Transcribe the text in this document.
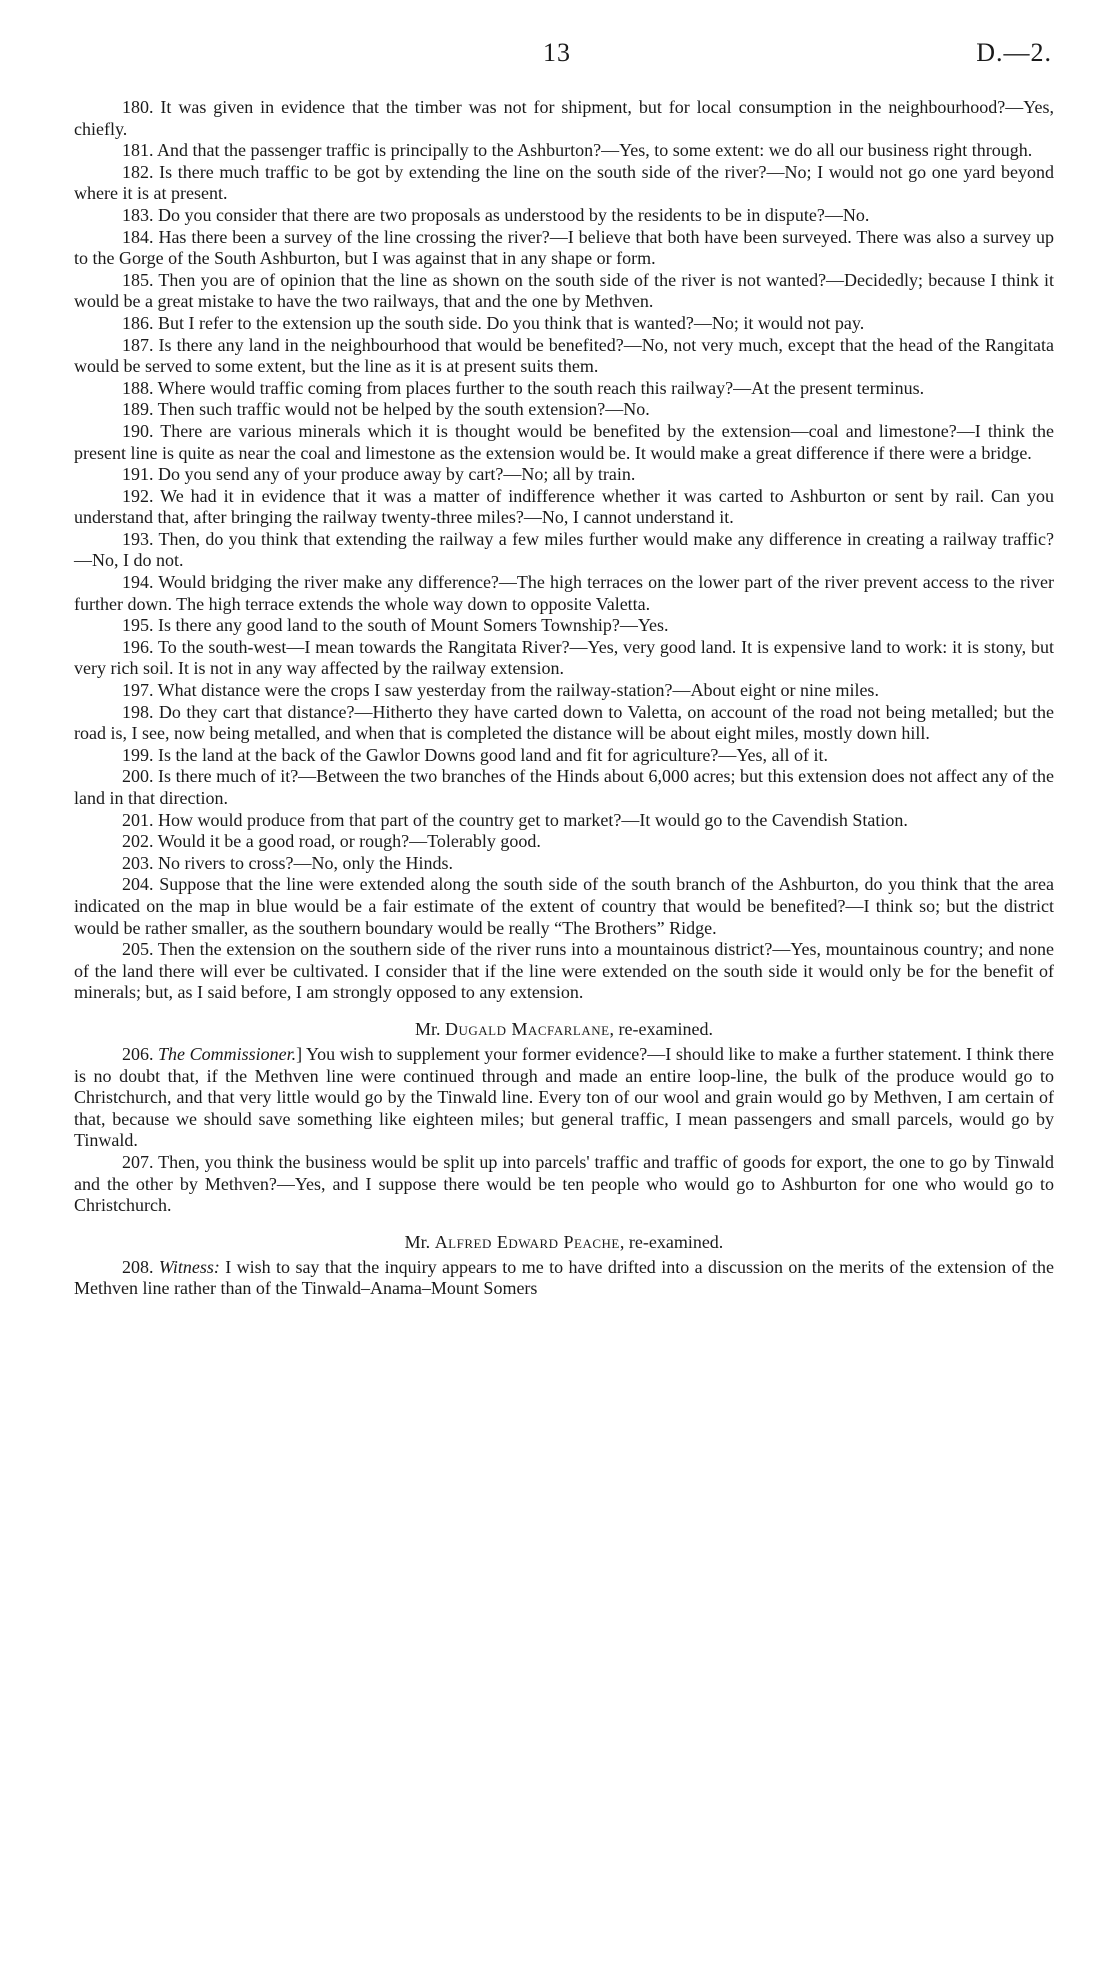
13	D.—2.

180. It was given in evidence that the timber was not for shipment, but for local consumption in the neighbourhood?—Yes, chiefly.

181. And that the passenger traffic is principally to the Ashburton?—Yes, to some extent: we do all our business right through.

182. Is there much traffic to be got by extending the line on the south side of the river?—No; I would not go one yard beyond where it is at present.

183. Do you consider that there are two proposals as understood by the residents to be in dispute?—No.

184. Has there been a survey of the line crossing the river?—I believe that both have been surveyed. There was also a survey up to the Gorge of the South Ashburton, but I was against that in any shape or form.

185. Then you are of opinion that the line as shown on the south side of the river is not wanted?—Decidedly; because I think it would be a great mistake to have the two railways, that and the one by Methven.

186. But I refer to the extension up the south side. Do you think that is wanted?—No; it would not pay.

187. Is there any land in the neighbourhood that would be benefited?—No, not very much, except that the head of the Rangitata would be served to some extent, but the line as it is at present suits them.

188. Where would traffic coming from places further to the south reach this railway?—At the present terminus.

189. Then such traffic would not be helped by the south extension?—No.

190. There are various minerals which it is thought would be benefited by the extension—coal and limestone?—I think the present line is quite as near the coal and limestone as the extension would be. It would make a great difference if there were a bridge.

191. Do you send any of your produce away by cart?—No; all by train.

192. We had it in evidence that it was a matter of indifference whether it was carted to Ashburton or sent by rail. Can you understand that, after bringing the railway twenty-three miles?—No, I cannot understand it.

193. Then, do you think that extending the railway a few miles further would make any difference in creating a railway traffic?—No, I do not.

194. Would bridging the river make any difference?—The high terraces on the lower part of the river prevent access to the river further down. The high terrace extends the whole way down to opposite Valetta.

195. Is there any good land to the south of Mount Somers Township?—Yes.

196. To the south-west—I mean towards the Rangitata River?—Yes, very good land. It is expensive land to work: it is stony, but very rich soil. It is not in any way affected by the railway extension.

197. What distance were the crops I saw yesterday from the railway-station?—About eight or nine miles.

198. Do they cart that distance?—Hitherto they have carted down to Valetta, on account of the road not being metalled; but the road is, I see, now being metalled, and when that is completed the distance will be about eight miles, mostly down hill.

199. Is the land at the back of the Gawlor Downs good land and fit for agriculture?—Yes, all of it.

200. Is there much of it?—Between the two branches of the Hinds about 6,000 acres; but this extension does not affect any of the land in that direction.

201. How would produce from that part of the country get to market?—It would go to the Cavendish Station.

202. Would it be a good road, or rough?—Tolerably good.

203. No rivers to cross?—No, only the Hinds.

204. Suppose that the line were extended along the south side of the south branch of the Ashburton, do you think that the area indicated on the map in blue would be a fair estimate of the extent of country that would be benefited?—I think so; but the district would be rather smaller, as the southern boundary would be really “The Brothers” Ridge.

205. Then the extension on the southern side of the river runs into a mountainous district?—Yes, mountainous country; and none of the land there will ever be cultivated. I consider that if the line were extended on the south side it would only be for the benefit of minerals; but, as I said before, I am strongly opposed to any extension.

Mr. Dugald Macfarlane, re-examined.

206. The Commissioner.] You wish to supplement your former evidence?—I should like to make a further statement. I think there is no doubt that, if the Methven line were continued through and made an entire loop-line, the bulk of the produce would go to Christchurch, and that very little would go by the Tinwald line. Every ton of our wool and grain would go by Methven, I am certain of that, because we should save something like eighteen miles; but general traffic, I mean passengers and small parcels, would go by Tinwald.

207. Then, you think the business would be split up into parcels' traffic and traffic of goods for export, the one to go by Tinwald and the other by Methven?—Yes, and I suppose there would be ten people who would go to Ashburton for one who would go to Christchurch.

Mr. Alfred Edward Peache, re-examined.

208. Witness: I wish to say that the inquiry appears to me to have drifted into a discussion on the merits of the extension of the Methven line rather than of the Tinwald–Anama–Mount Somers
